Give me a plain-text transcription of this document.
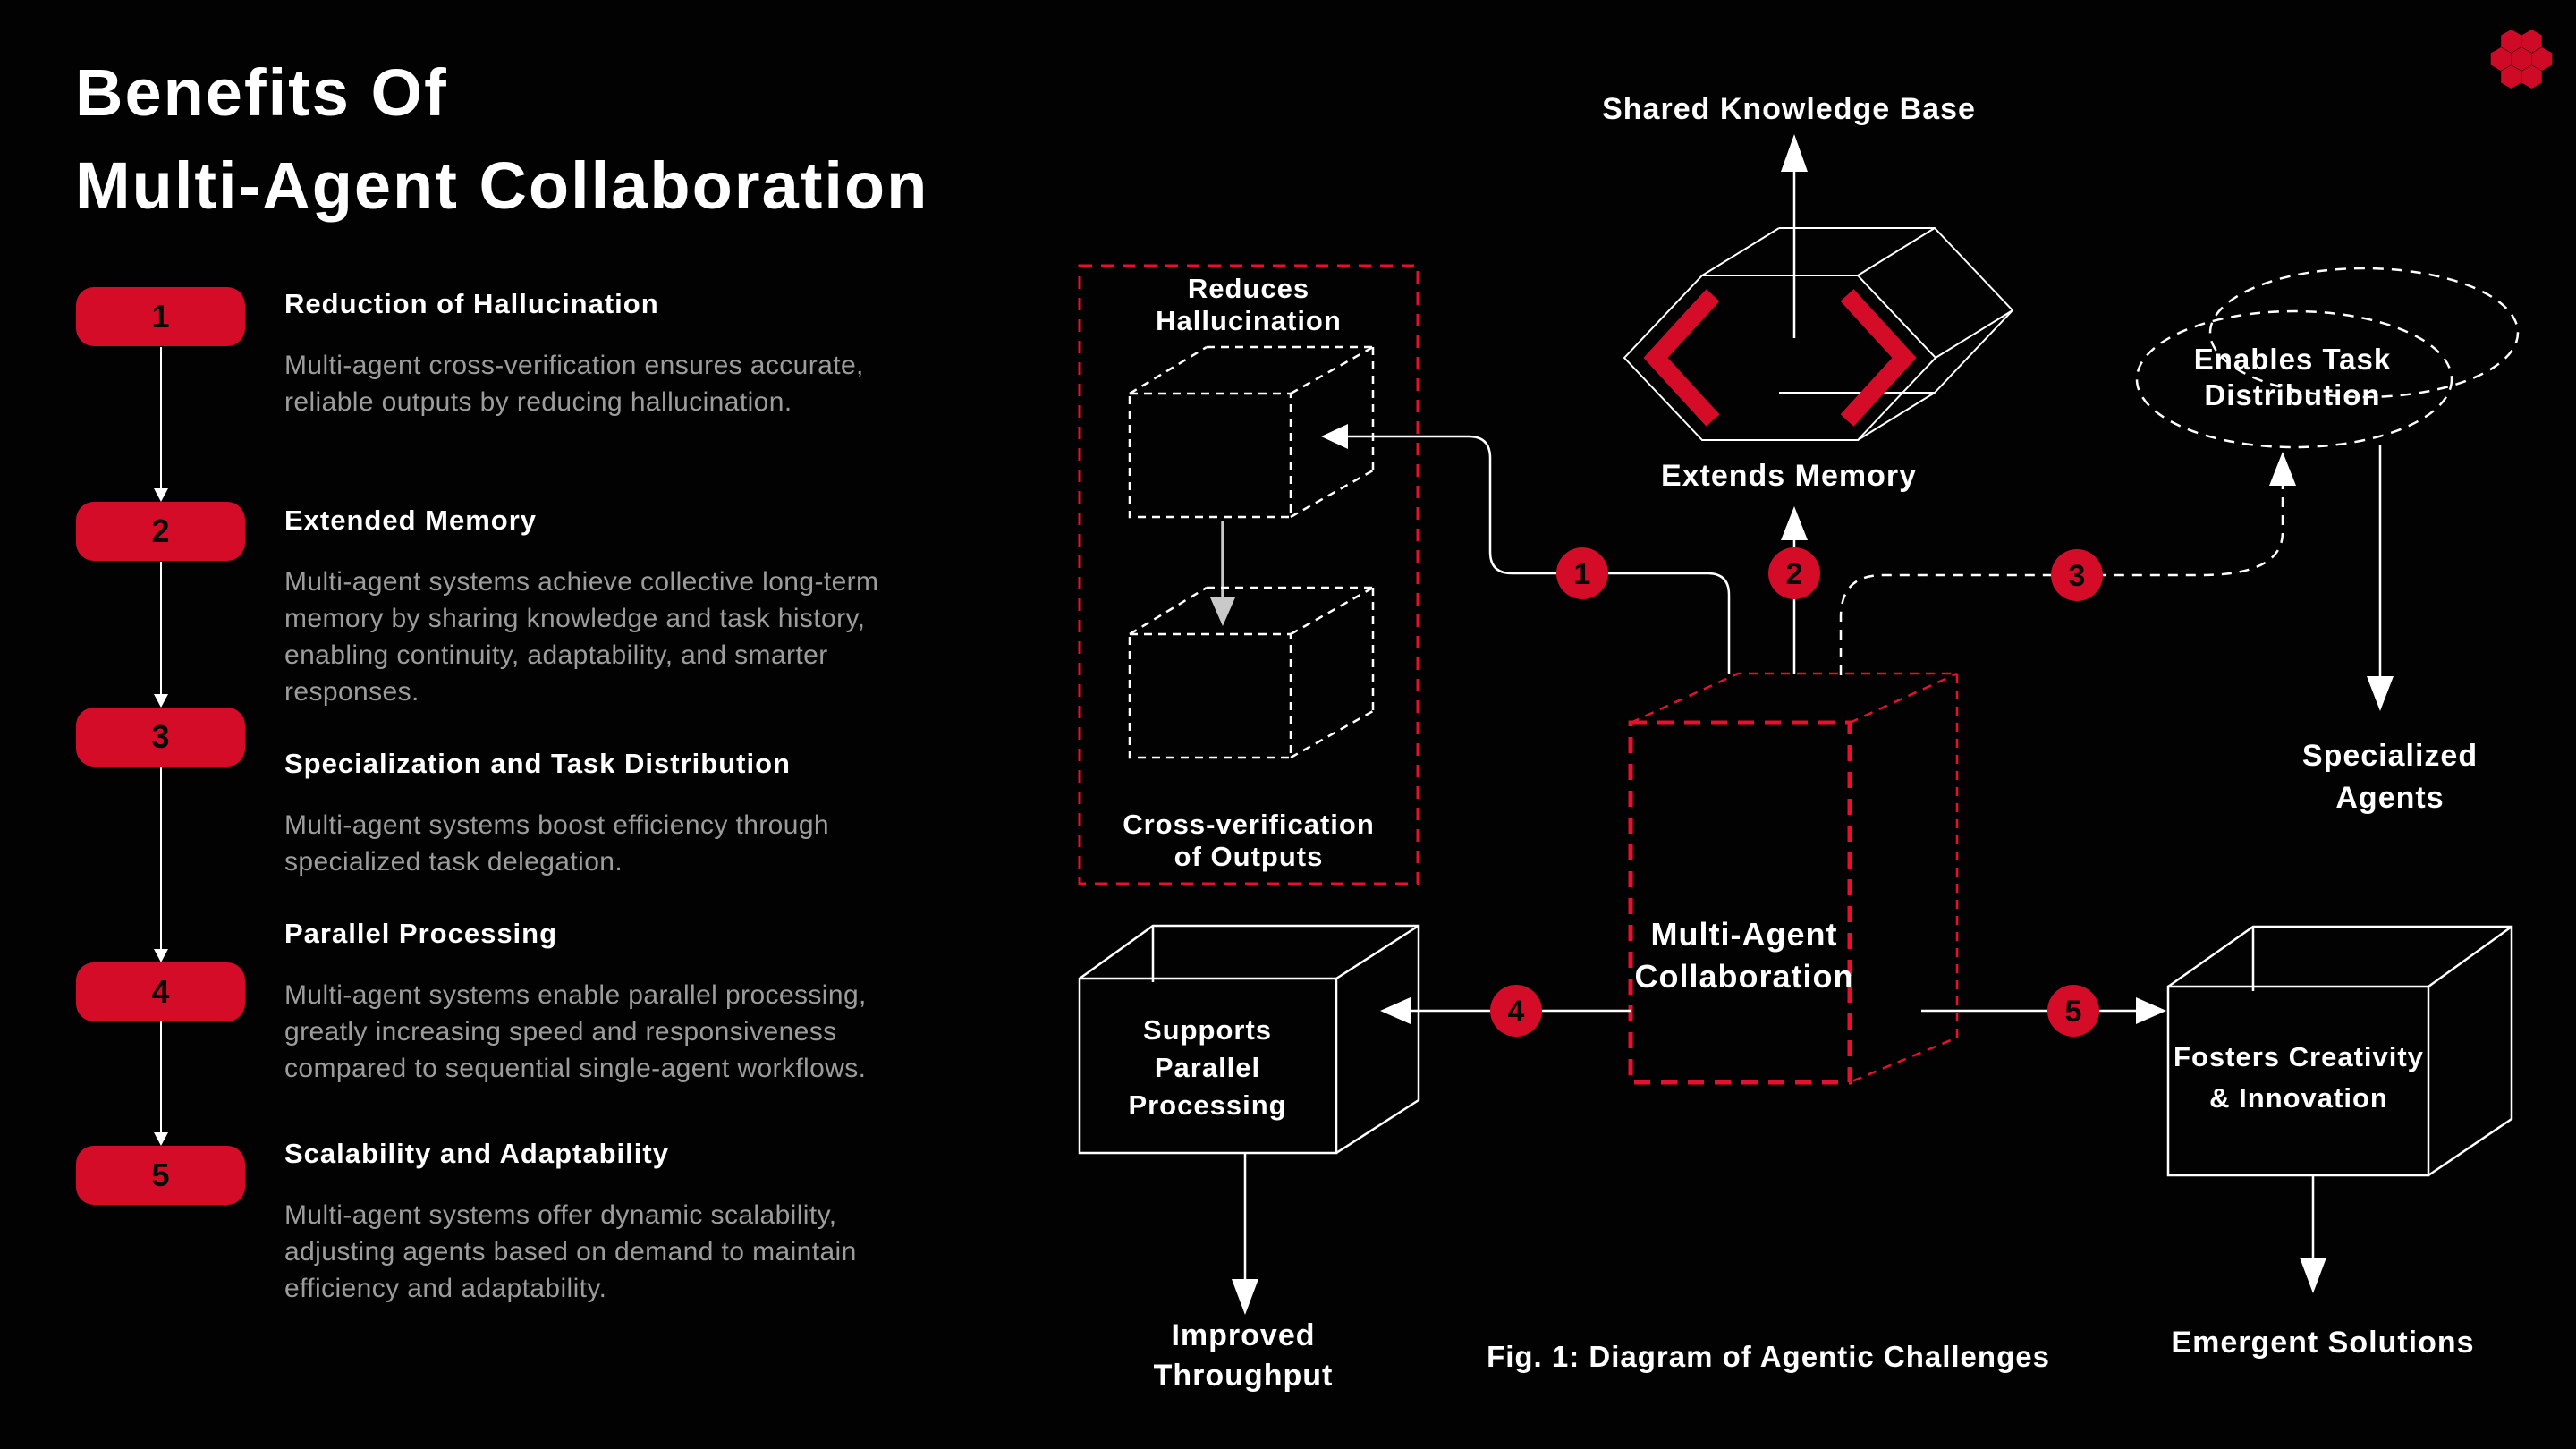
Reduces
Hallucination
Cross-verification
of Outputs
Shared Knowledge Base
Extends Memory
Multi-Agent
Collaboration
Enables Task
Distribution
Specialized
Agents
Supports
Parallel
Processing
Improved
Throughput
Fosters Creativity
& Innovation
Emergent Solutions
1	2	3
4	5
Fig. 1: Diagram of Agentic Challenges
Benefits Of
Multi-Agent Collaboration
1
2
3
4
5
Reduction of Hallucination
Multi-agent cross-verification ensures accurate, reliable outputs by reducing hallucination.
Extended Memory
Multi-agent systems achieve collective long-term memory by sharing knowledge and task history, enabling continuity, adaptability, and smarter responses.
Specialization and Task Distribution
Multi-agent systems boost efficiency through specialized task delegation.
Parallel Processing
Multi-agent systems enable parallel processing, greatly increasing speed and responsiveness compared to sequential single-agent workflows.
Scalability and Adaptability
Multi-agent systems offer dynamic scalability, adjusting agents based on demand to maintain efficiency and adaptability.
